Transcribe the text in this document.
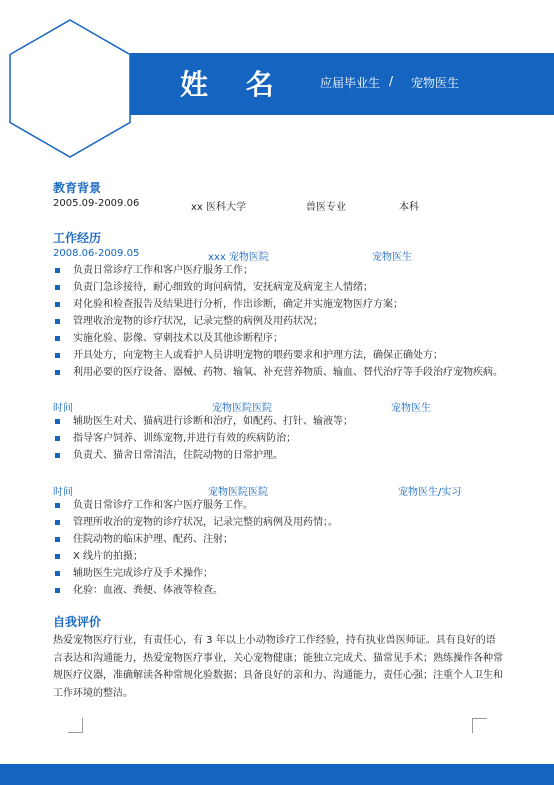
姓 名	应届毕业生 / 宠物医生
教育背景
2005.09-2009.06	xx 医科大学	兽医专业	本科
工作经历
2008.06-2009.05	xxx 宠物医院	宠物医生
负责日常诊疗工作和客户医疗服务工作；
负责门急诊接待，耐心细致的询问病情，安抚病宠及病宠主人情绪；
对化验和检查报告及结果进行分析，作出诊断，确定并实施宠物医疗方案；
管理收治宠物的诊疗状况，记录完整的病例及用药状况；
实施化验、影像、穿刺技术以及其他诊断程序；
开具处方，向宠物主人或看护人员讲明宠物的喂药要求和护理方法，确保正确处方；
利用必要的医疗设备、器械、药物、输氧、补充营养物质、输血、替代治疗等手段治疗宠物疾病。
时间	宠物医院医院	宠物医生
辅助医生对犬、猫病进行诊断和治疗，如配药、打针、输液等；
指导客户饲养、训练宠物,并进行有效的疾病防治；
负责犬、猫舍日常清洁，住院动物的日常护理。
时间	宠物医院医院	宠物医生/实习
负责日常诊疗工作和客户医疗服务工作。
管理所收治的宠物的诊疗状况，记录完整的病例及用药情；。
住院动物的临床护理、配药、注射；
X 线片的拍摄；
辅助医生完成诊疗及手术操作；
化验：血液、粪便、体液等检查。
自我评价
热爱宠物医疗行业，有责任心，有 3 年以上小动物诊疗工作经验，持有执业兽医师证。具有良好的语言表达和沟通能力，热爱宠物医疗事业，关心宠物健康；能独立完成犬、猫常见手术；熟练操作各种常规医疗仪器，准确解读各种常规化验数据；具备良好的亲和力、沟通能力，责任心强；注重个人卫生和工作环境的整洁。
